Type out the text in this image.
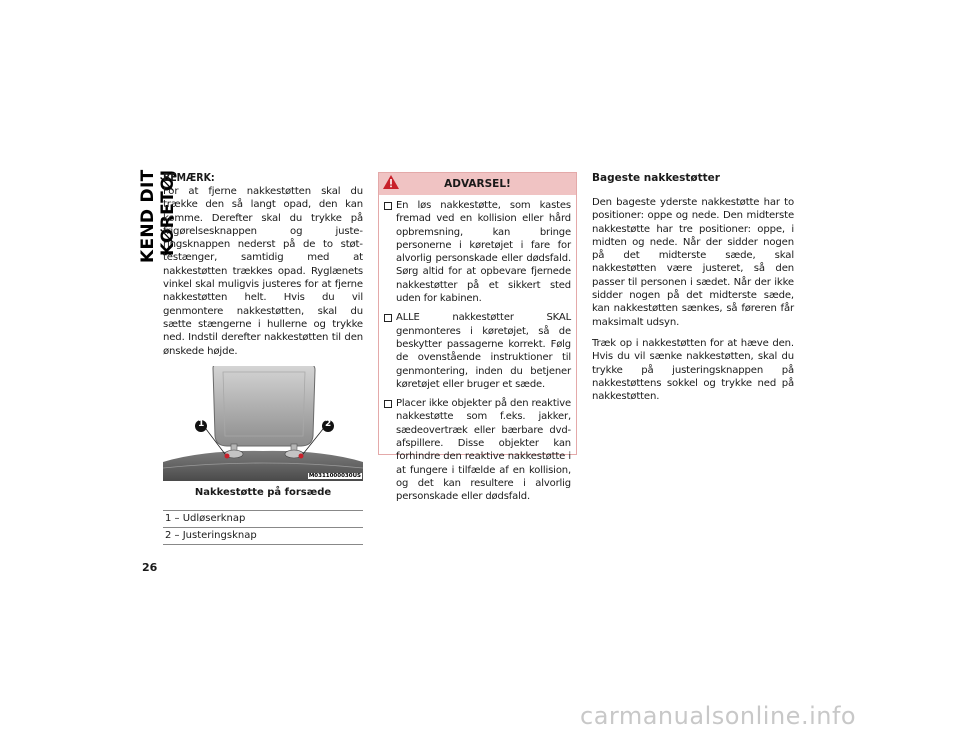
KEND DIT KØRETØJ
26
BEMÆRK:

For at fjerne nakkestøtten skal du trække den så langt opad, den kan komme. Derefter skal du trykke på frigørelsesknappen og justeringsknappen nederst på de to støttestænger, samtidig med at nakkestøtten trækkes opad. Ryglænets vinkel skal muligvis justeres for at fjerne nakkestøtten helt. Hvis du vil genmontere nakkestøtten, skal du sætte stængerne i hullerne og trykke ned. Indstil derefter nakkestøtten til den ønskede højde.

1	2
M0311000030US
Nakkestøtte på forsæde
1 – Udløserknap
2 – Justeringsknap
ADVARSEL!

En løs nakkestøtte, som kastes fremad ved en kollision eller hård opbremsning, kan bringe personerne i køretøjet i fare for alvorlig personskade eller dødsfald. Sørg altid for at opbevare fjernede nakkestøtter på et sikkert sted uden for kabinen.

ALLE nakkestøtter SKAL genmonteres i køretøjet, så de beskytter passagerne korrekt. Følg de ovenstående instruktioner til genmontering, inden du betjener køretøjet eller bruger et sæde.

Placer ikke objekter på den reaktive nakkestøtte som f.eks. jakker, sædeovertræk eller bærbare dvd-afspillere. Disse objekter kan forhindre den reaktive nakkestøtte i at fungere i tilfælde af en kollision, og det kan resultere i alvorlig personskade eller dødsfald.

Bageste nakkestøtter

Den bageste yderste nakkestøtte har to positioner: oppe og nede. Den midterste nakkestøtte har tre positioner: oppe, i midten og nede. Når der sidder nogen på det midterste sæde, skal nakkestøtten være justeret, så den passer til personen i sædet. Når der ikke sidder nogen på det midterste sæde, kan nakkestøtten sænkes, så føreren får maksimalt udsyn.

Træk op i nakkestøtten for at hæve den. Hvis du vil sænke nakkestøtten, skal du trykke på justeringsknappen på nakkestøttens sokkel og trykke ned på nakkestøtten.

carmanualsonline.info
